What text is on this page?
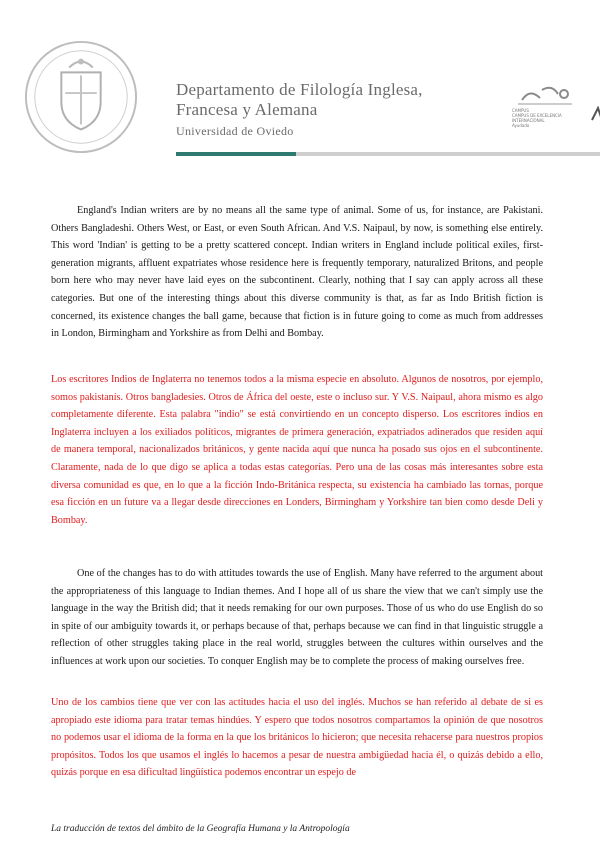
Departamento de Filología Inglesa,
Francesa y Alemana
Universidad de Oviedo
CAMPUS
CAMPUS DE EXCELENCIA
INTERNACIONAL
Ayudado

England's Indian writers are by no means all the same type of animal. Some of us, for instance, are Pakistani. Others Bangladeshi. Others West, or East, or even South African. And V.S. Naipaul, by now, is something else entirely. This word 'Indian' is getting to be a pretty scattered concept. Indian writers in England include political exiles, first-generation migrants, affluent expatriates whose residence here is frequently temporary, naturalized Britons, and people born here who may never have laid eyes on the subcontinent. Clearly, nothing that I say can apply across all these categories. But one of the interesting things about this diverse community is that, as far as Indo British fiction is concerned, its existence changes the ball game, because that fiction is in future going to come as much from addresses in London, Birmingham and Yorkshire as from Delhi and Bombay.

Los escritores Indios de Inglaterra no tenemos todos a la misma especie en absoluto. Algunos de nosotros, por ejemplo, somos pakistanís. Otros bangladesies. Otros de África del oeste, este o incluso sur. Y V.S. Naipaul, ahora mismo es algo completamente diferente. Esta palabra "indio" se está convirtiendo en un concepto disperso. Los escritores indios en Inglaterra incluyen a los exiliados políticos, migrantes de primera generación, expatriados adinerados que residen aquí de manera temporal, nacionalizados británicos, y gente nacida aquí que nunca ha posado sus ojos en el subcontinente. Claramente, nada de lo que digo se aplica a todas estas categorías. Pero una de las cosas más interesantes sobre esta diversa comunidad es que, en lo que a la ficción Indo-Británica respecta, su existencia ha cambiado las tornas, porque esa ficción en un future va a llegar desde direcciones en Londers, Birmingham y Yorkshire tan bien como desde Deli y Bombay.

One of the changes has to do with attitudes towards the use of English. Many have referred to the argument about the appropriateness of this language to Indian themes. And I hope all of us share the view that we can't simply use the language in the way the British did; that it needs remaking for our own purposes. Those of us who do use English do so in spite of our ambiguity towards it, or perhaps because of that, perhaps because we can find in that linguistic struggle a reflection of other struggles taking place in the real world, struggles between the cultures within ourselves and the influences at work upon our societies. To conquer English may be to complete the process of making ourselves free.

Uno de los cambios tiene que ver con las actitudes hacia el uso del inglés. Muchos se han referido al debate de si es apropiado este idioma para tratar temas hindúes. Y espero que todos nosotros compartamos la opinión de que nosotros no podemos usar el idioma de la forma en la que los británicos lo hicieron; que necesita rehacerse para nuestros propios propósitos. Todos los que usamos el inglés lo hacemos a pesar de nuestra ambigüedad hacia él, o quizás debido a ello, quizás porque en esa dificultad lingüística podemos encontrar un espejo de

La traducción de textos del ámbito de la Geografía Humana y la Antropología
